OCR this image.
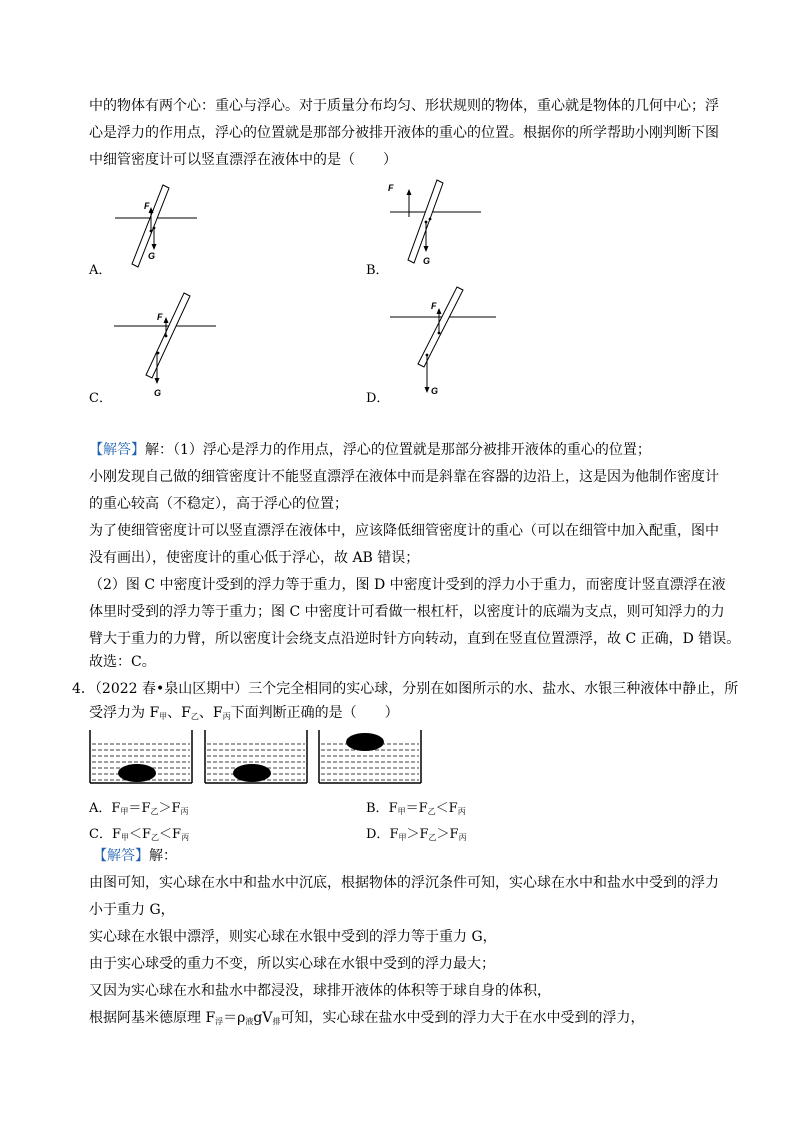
中的物体有两个心：重心与浮心。对于质量分布均匀、形状规则的物体，重心就是物体的几何中心；浮
心是浮力的作用点，浮心的位置就是那部分被排开液体的重心的位置。根据你的所学帮助小刚判断下图
中细管密度计可以竖直漂浮在液体中的是（　　）
A．
F
G
B．
F
G
C．
F
G	D．
F
G
【解答】解：（1）浮心是浮力的作用点，浮心的位置就是那部分被排开液体的重心的位置；
小刚发现自己做的细管密度计不能竖直漂浮在液体中而是斜靠在容器的边沿上，这是因为他制作密度计
的重心较高（不稳定），高于浮心的位置；
为了使细管密度计可以竖直漂浮在液体中，应该降低细管密度计的重心（可以在细管中加入配重，图中
没有画出），使密度计的重心低于浮心，故 AB 错误；
（2）图 C 中密度计受到的浮力等于重力，图 D 中密度计受到的浮力小于重力，而密度计竖直漂浮在液
体里时受到的浮力等于重力；图 C 中密度计可看做一根杠杆，以密度计的底端为支点，则可知浮力的力
臂大于重力的力臂，所以密度计会绕支点沿逆时针方向转动，直到在竖直位置漂浮，故 C 正确，D 错误。
故选：C。
4．（2022 春•泉山区期中）三个完全相同的实心球，分别在如图所示的水、盐水、水银三种液体中静止，所
受浮力为 $F_甲$、$F_乙$、$F_丙$下面判断正确的是（　　）
A．$F_甲=F_乙>F_丙$	B．$F_甲=F_乙<F_丙$
C．$F_甲<F_乙<F_丙$	D．$F_甲>F_乙>F_丙$
【解答】解：
由图可知，实心球在水中和盐水中沉底，根据物体的浮沉条件可知，实心球在水中和盐水中受到的浮力
小于重力 G，
实心球在水银中漂浮，则实心球在水银中受到的浮力等于重力 G，
由于实心球受的重力不变，所以实心球在水银中受到的浮力最大；
又因为实心球在水和盐水中都浸没，球排开液体的体积等于球自身的体积，
根据阿基米德原理 $F_浮=\rho_液gV_排$可知，实心球在盐水中受到的浮力大于在水中受到的浮力，
